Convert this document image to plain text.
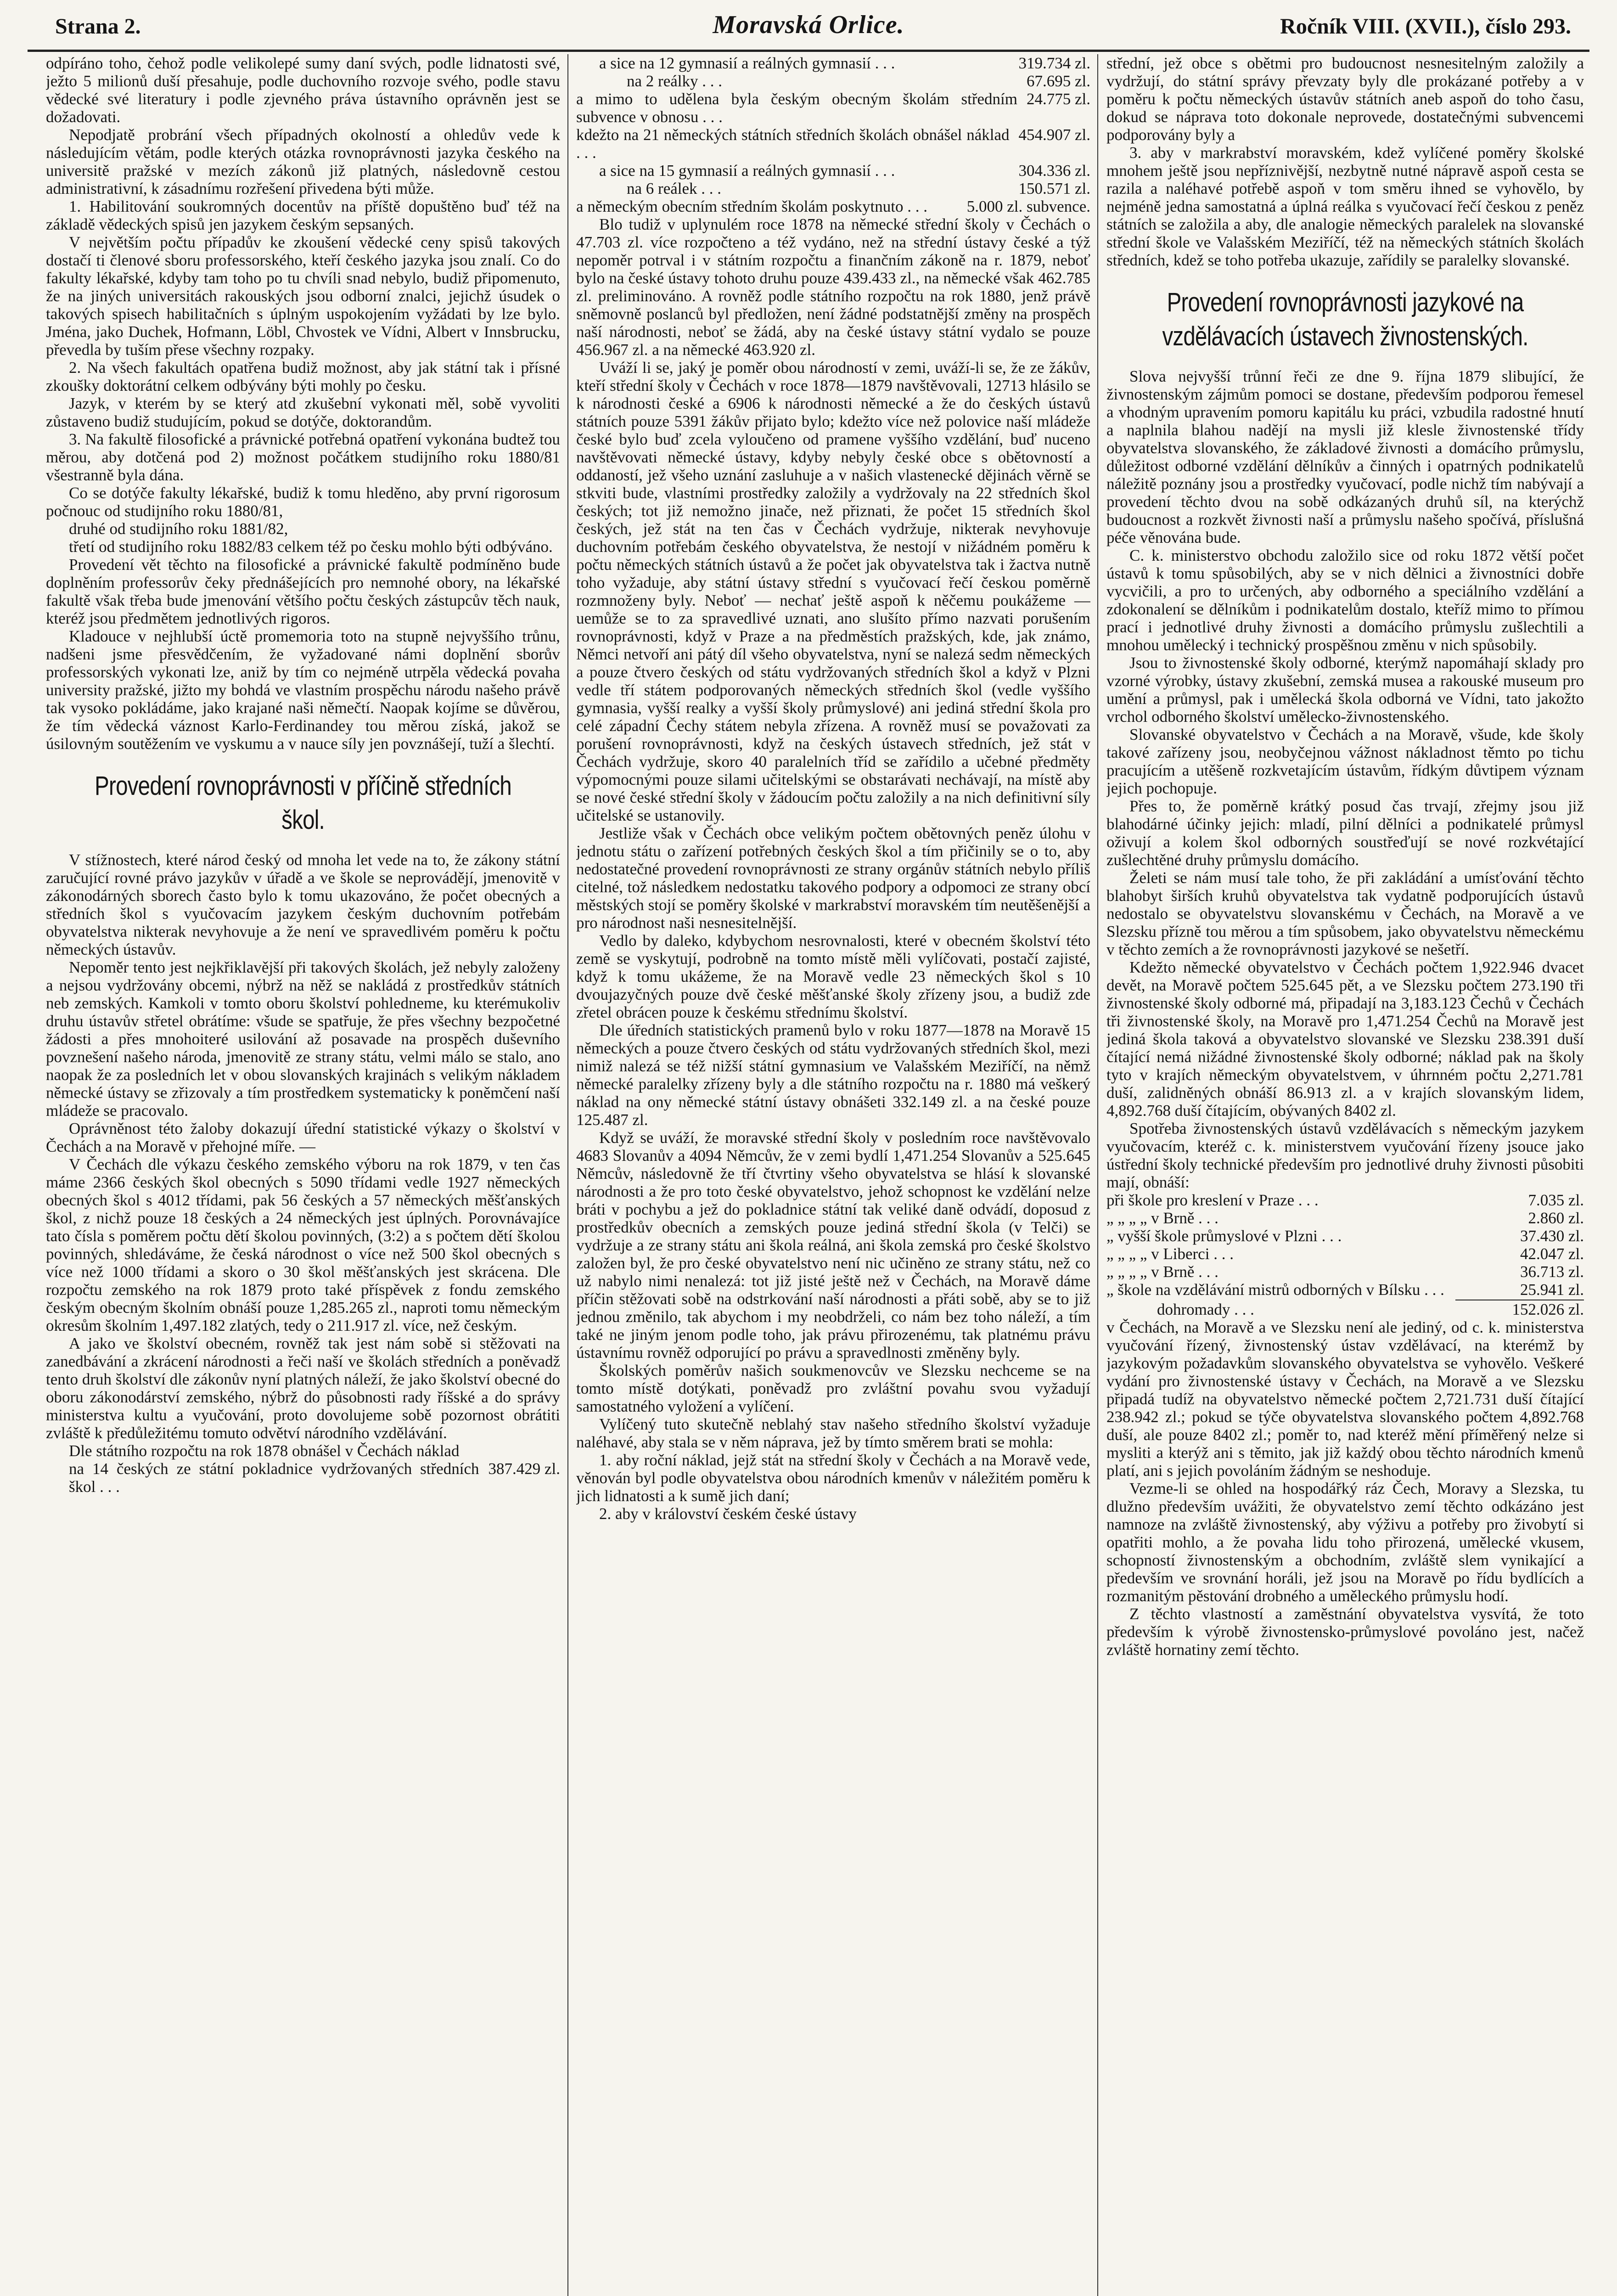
Strana 2.	Moravská Orlice.	Ročník VIII. (XVII.), číslo 293.

odpíráno toho, čehož podle velikolepé sumy daní svých, podle lidnatosti své, ježto 5 milionů duší přesahuje, podle duchovního rozvoje svého, podle stavu vědecké své literatury i podle zjevného práva ústavního oprávněn jest se dožadovati.

Nepodjatě probrání všech případných okolností a ohledův vede k následujícím větám, podle kterých otázka rovnoprávnosti jazyka českého na universitě pražské v mezích zákonů již platných, následovně cestou administrativní, k zásadnímu rozřešení přivedena býti může.

1. Habilitování soukromných docentův na příště dopuštěno buď též na základě vědeckých spisů jen jazykem českým sepsaných.

V největším počtu případův ke zkoušení vědecké ceny spisů takových dostačí ti členové sboru professorského, kteří českého jazyka jsou znalí. Co do fakulty lékařské, kdyby tam toho po tu chvíli snad nebylo, budiž připomenuto, že na jiných universitách rakouských jsou odborní znalci, jejichž úsudek o takových spisech habilitačních s úplným uspokojením vyžádati by lze bylo. Jména, jako Duchek, Hofmann, Löbl, Chvostek ve Vídni, Albert v Innsbrucku, převedla by tuším přese všechny rozpaky.

2. Na všech fakultách opatřena budiž možnost, aby jak státní tak i přísné zkoušky doktorátní celkem odbývány býti mohly po česku.

Jazyk, v kterém by se který atd zkušební vykonati měl, sobě vyvoliti zůstaveno budiž studujícím, pokud se dotýče, doktorandům.

3. Na fakultě filosofické a právnické potřebná opatření vykonána budtež tou měrou, aby dotčená pod 2) možnost počátkem studijního roku 1880/81 všestranně byla dána.

Co se dotýče fakulty lékařské, budiž k tomu hleděno, aby první rigorosum počnouc od studijního roku 1880/81,

druhé od studijního roku 1881/82,

třetí od studijního roku 1882/83 celkem též po česku mohlo býti odbýváno.

Provedení vět těchto na filosofické a právnické fakultě podmíněno bude doplněním professorův čeky přednášejících pro nemnohé obory, na lékařské fakultě však třeba bude jmenování většího počtu českých zástupcův těch nauk, kteréž jsou předmětem jednotlivých rigoros.

Kladouce v nejhlubší úctě promemoria toto na stupně nejvyššího trůnu, nadšeni jsme přesvědčením, že vyžadované námi doplnění sborův professorských vykonati lze, aniž by tím co nejméně utrpěla vědecká povaha university pražské, jižto my bohdá ve vlastním prospěchu národu našeho právě tak vysoko pokládáme, jako krajané naši němečtí. Naopak kojíme se důvěrou, že tím vědecká váznost Karlo-Ferdinandey tou měrou získá, jakož se úsilovným soutěžením ve vyskumu a v nauce síly jen povznášejí, tuží a šlechtí.

Provedení rovnoprávnosti v příčině středních škol.

V stížnostech, které národ český od mnoha let vede na to, že zákony státní zaručující rovné právo jazykův v úřadě a ve škole se neprovádějí, jmenovitě v zákonodárných sborech často bylo k tomu ukazováno, že počet obecných a středních škol s vyučovacím jazykem českým duchovním potřebám obyvatelstva nikterak nevyhovuje a že není ve spravedlivém poměru k počtu německých ústavův.

Nepoměr tento jest nejkřiklavější při takových školách, jež nebyly založeny a nejsou vydržovány obcemi, nýbrž na něž se nakládá z prostředkův státních neb zemských. Kamkoli v tomto oboru školství pohledneme, ku kterémukoliv druhu ústavův střetel obrátíme: všude se spatřuje, že přes všechny bezpočetné žádosti a přes mnohoiteré usilování až posavade na prospěch duševního povznešení našeho národa, jmenovitě ze strany státu, velmi málo se stalo, ano naopak že za posledních let v obou slovanských krajinách s velikým nákladem německé ústavy se zřizovaly a tím prostředkem systematicky k poněmčení naší mládeže se pracovalo.

Oprávněnost této žaloby dokazují úřední statistické výkazy o školství v Čechách a na Moravě v přehojné míře. —

V Čechách dle výkazu českého zemského výboru na rok 1879, v ten čas máme 2366 českých škol obecných s 5090 třídami vedle 1927 německých obecných škol s 4012 třídami, pak 56 českých a 57 německých měšťanských škol, z nichž pouze 18 českých a 24 německých jest úplných. Porovnávajíce tato čísla s poměrem počtu dětí školou povinných, (3:2) a s počtem dětí školou povinných, shledáváme, že česká národnost o více než 500 škol obecných s více než 1000 třídami a skoro o 30 škol měšťanských jest skrácena. Dle rozpočtu zemského na rok 1879 proto také příspěvek z fondu zemského českým obecným školním obnáší pouze 1,285.265 zl., naproti tomu německým okresům školním 1,497.182 zlatých, tedy o 211.917 zl. více, než českým.

A jako ve školství obecném, rovněž tak jest nám sobě si stěžovati na zanedbávání a zkrácení národnosti a řeči naší ve školách středních a poněvadž tento druh školství dle zákonův nyní platných náleží, že jako školství obecné do oboru zákonodárství zemského, nýbrž do působnosti rady říšské a do správy ministerstva kultu a vyučování, proto dovolujeme sobě pozornost obrátiti zvláště k předůležitému tomuto odvětví národního vzdělávání.

Dle státního rozpočtu na rok 1878 obnášel v Čechách náklad

na 14 českých ze státní pokladnice vydržovaných středních škol . . .
387.429 zl.
a sice na 12 gymnasií a reálných gymnasií . . .	319.734 zl.
na 2 reálky . . .	67.695 zl.
a mimo to udělena byla českým obecným školám středním subvence v obnosu . . .
24.775 zl.
kdežto na 21 německých státních středních školách obnášel náklad . . .
454.907 zl.
a sice na 15 gymnasií a reálných gymnasií . . .	304.336 zl.
na 6 reálek . . .	150.571 zl.
a německým obecním středním školám poskytnuto . . .	5.000 zl. subvence.

Blo tudiž v uplynulém roce 1878 na německé střední školy v Čechách o 47.703 zl. více rozpočteno a též vydáno, než na střední ústavy české a týž nepoměr potrval i v státním rozpočtu a finančním zákoně na r. 1879, neboť bylo na české ústavy tohoto druhu pouze 439.433 zl., na německé však 462.785 zl. preliminováno. A rovněž podle státního rozpočtu na rok 1880, jenž právě sněmovně poslanců byl předložen, není žádné podstatnější změny na prospěch naší národnosti, neboť se žádá, aby na české ústavy státní vydalo se pouze 456.967 zl. a na německé 463.920 zl.

Uváží li se, jaký je poměr obou národností v zemi, uváží-li se, že ze žákův, kteří střední školy v Čechách v roce 1878—1879 navštěvovali, 12713 hlásilo se k národnosti české a 6906 k národnosti německé a že do českých ústavů státních pouze 5391 žákův přijato bylo; kdežto více než polovice naší mládeže české bylo buď zcela vyloučeno od pramene vyššího vzdělání, buď nuceno navštěvovati německé ústavy, kdyby nebyly české obce s obětovností a oddaností, jež všeho uznání zasluhuje a v našich vlastenecké dějinách věrně se stkviti bude, vlastními prostředky založily a vydržovaly na 22 středních škol českých; tot již nemožno jinače, než přiznati, že počet 15 středních škol českých, jež stát na ten čas v Čechách vydržuje, nikterak nevyhovuje duchovním potřebám českého obyvatelstva, že nestojí v nižádném poměru k počtu německých státních ústavů a že počet jak obyvatelstva tak i žactva nutně toho vyžaduje, aby státní ústavy střední s vyučovací řečí českou poměrně rozmnoženy byly. Neboť — nechať ještě aspoň k něčemu poukážeme — uemůže se to za spravedlivé uznati, ano slušíto přímo nazvati porušením rovnoprávnosti, když v Praze a na předměstích pražských, kde, jak známo, Němci netvoří ani pátý díl všeho obyvatelstva, nyní se nalezá sedm německých a pouze čtvero českých od státu vydržovaných středních škol a když v Plzni vedle tří státem podporovaných německých středních škol (vedle vyššího gymnasia, vyšší realky a vyšší školy průmyslové) ani jediná střední škola pro celé západní Čechy státem nebyla zřízena. A rovněž musí se považovati za porušení rovnoprávnosti, když na českých ústavech středních, jež stát v Čechách vydržuje, skoro 40 paralelních tříd se zařídilo a učebné předměty výpomocnými pouze silami učitelskými se obstarávati nechávají, na místě aby se nové české střední školy v žádoucím počtu založily a na nich definitivní síly učitelské se ustanovily.

Jestliže však v Čechách obce velikým počtem obětovných peněz úlohu v jednotu státu o zařízení potřebných českých škol a tím přičinily se o to, aby nedostatečné provedení rovnoprávnosti ze strany orgánův státních nebylo příliš citelné, tož následkem nedostatku takového podpory a odpomoci ze strany obcí městských stojí se poměry školské v markrabství moravském tím neutěšenější a pro národnost naši nesnesitelnější.

Vedlo by daleko, kdybychom nesrovnalosti, které v obecném školství této země se vyskytují, podrobně na tomto místě měli vylíčovati, postačí zajisté, když k tomu ukážeme, že na Moravě vedle 23 německých škol s 10 dvoujazyčných pouze dvě české měšťanské školy zřízeny jsou, a budiž zde zřetel obrácen pouze k českému střednímu školství.

Dle úředních statistických pramenů bylo v roku 1877—1878 na Moravě 15 německých a pouze čtvero českých od státu vydržovaných středních škol, mezi nimiž nalezá se též nižší státní gymnasium ve Valašském Meziříčí, na němž německé paralelky zřízeny byly a dle státního rozpočtu na r. 1880 má veškerý náklad na ony německé státní ústavy obnášeti 332.149 zl. a na české pouze 125.487 zl.

Když se uváží, že moravské střední školy v posledním roce navštěvovalo 4683 Slovanův a 4094 Němcův, že v zemi bydlí 1,471.254 Slovanův a 525.645 Němcův, následovně že tří čtvrtiny všeho obyvatelstva se hlásí k slovanské národnosti a že pro toto české obyvatelstvo, jehož schopnost ke vzdělání nelze bráti v pochybu a jež do pokladnice státní tak veliké daně odvádí, doposud z prostředkův obecních a zemských pouze jediná střední škola (v Telči) se vydržuje a ze strany státu ani škola reálná, ani škola zemská pro české školstvo založen byl, že pro české obyvatelstvo není nic učiněno ze strany státu, než co už nabylo nimi nenalezá: tot již jisté ještě než v Čechách, na Moravě dáme příčin stěžovati sobě na odstrkování naší národnosti a přáti sobě, aby se to již jednou změnilo, tak abychom i my neobdrželi, co nám bez toho náleží, a tím také ne jiným jenom podle toho, jak právu přirozenému, tak platnému právu ústavnímu rovněž odporující po právu a spravedlnosti změněny byly.

Školských poměrův našich soukmenovcův ve Slezsku nechceme se na tomto místě dotýkati, poněvadž pro zvláštní povahu svou vyžadují samostatného vyložení a vylíčení.

Vylíčený tuto skutečně neblahý stav našeho středního školství vyžaduje naléhavé, aby stala se v něm náprava, jež by tímto směrem brati se mohla:

1. aby roční náklad, jejž stát na střední školy v Čechách a na Moravě vede, věnován byl podle obyvatelstva obou národních kmenův v náležitém poměru k jich lidnatosti a k sumě jich daní;

2. aby v království českém české ústavy

střední, jež obce s obětmi pro budoucnost nesnesitelným založily a vydržují, do státní správy převzaty byly dle prokázané potřeby a v poměru k počtu německých ústavův státních aneb aspoň do toho času, dokud se náprava toto dokonale neprovede, dostatečnými subvencemi podporovány byly a

3. aby v markrabství moravském, kdež vylíčené poměry školské mnohem ještě jsou nepříznivější, nezbytně nutné nápravě aspoň cesta se razila a naléhavé potřebě aspoň v tom směru ihned se vyhovělo, by nejméně jedna samostatná a úplná reálka s vyučovací řečí českou z peněz státních se založila a aby, dle analogie německých paralelek na slovanské střední škole ve Valašském Meziříčí, též na německých státních školách středních, kdež se toho potřeba ukazuje, zařídily se paralelky slovanské.

Provedení rovnoprávnosti jazykové na vzdělávacích ústavech živnostenských.

Slova nejvyšší trůnní řeči ze dne 9. října 1879 slibující, že živnostenským zájmům pomoci se dostane, především podporou řemesel a vhodným upravením pomoru kapitálu ku práci, vzbudila radostné hnutí a naplnila blahou nadějí na mysli již klesle živnostenské třídy obyvatelstva slovanského, že základové živnosti a domácího průmyslu, důležitost odborné vzdělání dělníkův a činných i opatrných podnikatelů náležitě poznány jsou a prostředky vyučovací, podle nichž tím nabývají a provedení těchto dvou na sobě odkázaných druhů síl, na kterýchž budoucnost a rozkvět živnosti naší a průmyslu našeho spočívá, příslušná péče věnována bude.

C. k. ministerstvo obchodu založilo sice od roku 1872 větší počet ústavů k tomu spůsobilých, aby se v nich dělnici a živnostníci dobře vycvičili, a pro to určených, aby odborného a speciálního vzdělání a zdokonalení se dělníkům i podnikatelům dostalo, kteříž mimo to přímou prací i jednotlivé druhy živnosti a domácího průmyslu zušlechtili a mnohou umělecký i technický prospěšnou změnu v nich spůsobily.

Jsou to živnostenské školy odborné, kterýmž napomáhají sklady pro vzorné výrobky, ústavy zkušební, zemská musea a rakouské museum pro umění a průmysl, pak i umělecká škola odborná ve Vídni, tato jakožto vrchol odborného školství umělecko-živnostenského.

Slovanské obyvatelstvo v Čechách a na Moravě, všude, kde školy takové zařízeny jsou, neobyčejnou vážnost nákladnost těmto po tichu pracujícím a utěšeně rozkvetajícím ústavům, řídkým důvtipem význam jejich pochopuje.

Přes to, že poměrně krátký posud čas trvají, zřejmy jsou již blahodárné účinky jejich: mladí, pilní dělníci a podnikatelé průmysl oživují a kolem škol odborných soustřeďují se nové rozkvétající zušlechtěné druhy průmyslu domácího.

Želeti se nám musí tale toho, že při zakládání a umísťování těchto blahobyt širších kruhů obyvatelstva tak vydatně podporujících ústavů nedostalo se obyvatelstvu slovanskému v Čechách, na Moravě a ve Slezsku přízně tou měrou a tím spůsobem, jako obyvatelstvu německému v těchto zemích a že rovnoprávnosti jazykové se nešetří.

Kdežto německé obyvatelstvo v Čechách počtem 1,922.946 dvacet devět, na Moravě počtem 525.645 pět, a ve Slezsku počtem 273.190 tři živnostenské školy odborné má, připadají na 3,183.123 Čechů v Čechách tři živnostenské školy, na Moravě pro 1,471.254 Čechů na Moravě jest jediná škola taková a obyvatelstvo slovanské ve Slezsku 238.391 duší čítající nemá nižádné živnostenské školy odborné; náklad pak na školy tyto v krajích německým obyvatelstvem, v úhrnném počtu 2,271.781 duší, zalidněných obnáší 86.913 zl. a v krajích slovanským lidem, 4,892.768 duší čítajícím, obývaných 8402 zl.

Spotřeba živnostenských ústavů vzdělávacích s německým jazykem vyučovacím, kteréž c. k. ministerstvem vyučování řízeny jsouce jako ústřední školy technické především pro jednotlivé druhy živnosti působiti mají, obnáší:

při škole pro kreslení v Praze . . .	7.035 zl.
„ „ „ „ v Brně . . .	2.860 zl.
„ vyšší škole průmyslové v Plzni . . .	37.430 zl.
„ „ „ „ v Liberci . . .	42.047 zl.
„ „ „ „ v Brně . . .	36.713 zl.
„ škole na vzdělávání mistrů odborných v Bílsku . . .	25.941 zl.
dohromady . . .	152.026 zl.

v Čechách, na Moravě a ve Slezsku není ale jediný, od c. k. ministerstva vyučování řízený, živnostenský ústav vzdělávací, na kterémž by jazykovým požadavkům slovanského obyvatelstva se vyhovělo. Veškeré vydání pro živnostenské ústavy v Čechách, na Moravě a ve Slezsku připadá tudíž na obyvatelstvo německé počtem 2,721.731 duší čítající 238.942 zl.; pokud se týče obyvatelstva slovanského počtem 4,892.768 duší, ale pouze 8402 zl.; poměr to, nad kteréž mění příměřený nelze si mysliti a kterýž ani s těmito, jak již každý obou těchto národních kmenů platí, ani s jejich povoláním žádným se neshoduje.

Vezme-li se ohled na hospodářký ráz Čech, Moravy a Slezska, tu dlužno především uvážiti, že obyvatelstvo zemí těchto odkázáno jest namnoze na zvláště živnostenský, aby výživu a potřeby pro živobytí si opatřiti mohlo, a že povaha lidu toho přirozená, umělecké vkusem, schopností živnostenským a obchodním, zvláště slem vynikající a především ve srovnání horáli, jež jsou na Moravě po řídu bydlících a rozmanitým pěstování drobného a uměleckého průmyslu hodí.

Z těchto vlastností a zaměstnání obyvatelstva vysvítá, že toto především k výrobě živnostensko-průmyslové povoláno jest, načež zvláště hornatiny zemí těchto.
